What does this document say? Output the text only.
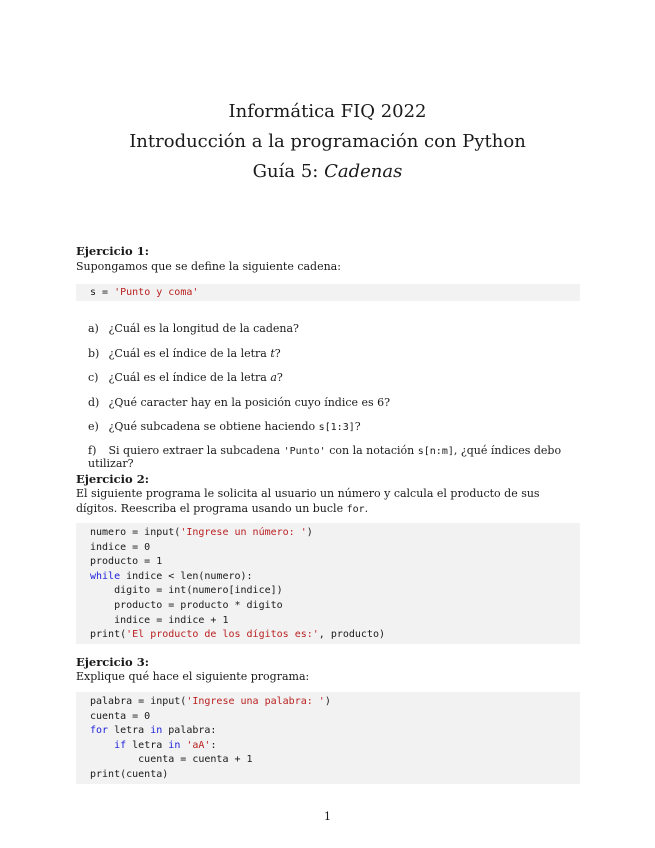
Informática FIQ 2022
Introducción a la programación con Python
Guía 5: Cadenas
Ejercicio 1:
Supongamos que se define la siguiente cadena:
s = 'Punto y coma'
a) ¿Cuál es la longitud de la cadena?
b) ¿Cuál es el índice de la letra t?
c) ¿Cuál es el índice de la letra a?
d) ¿Qué caracter hay en la posición cuyo índice es 6?
e) ¿Qué subcadena se obtiene haciendo s[1:3]?
f) Si quiero extraer la subcadena 'Punto' con la notación s[n:m], ¿qué índices debo utilizar?
Ejercicio 2:
El siguiente programa le solicita al usuario un número y calcula el producto de sus dígitos. Reescriba el programa usando un bucle for.
numero = input('Ingrese un número: ')
indice = 0
producto = 1
while indice < len(numero):
digito = int(numero[indice])
producto = producto * digito
indice = indice + 1
print('El producto de los dígitos es:', producto)
Ejercicio 3:
Explique qué hace el siguiente programa:
palabra = input('Ingrese una palabra: ')
cuenta = 0
for letra in palabra:
if letra in 'aA':
cuenta = cuenta + 1
print(cuenta)
1
